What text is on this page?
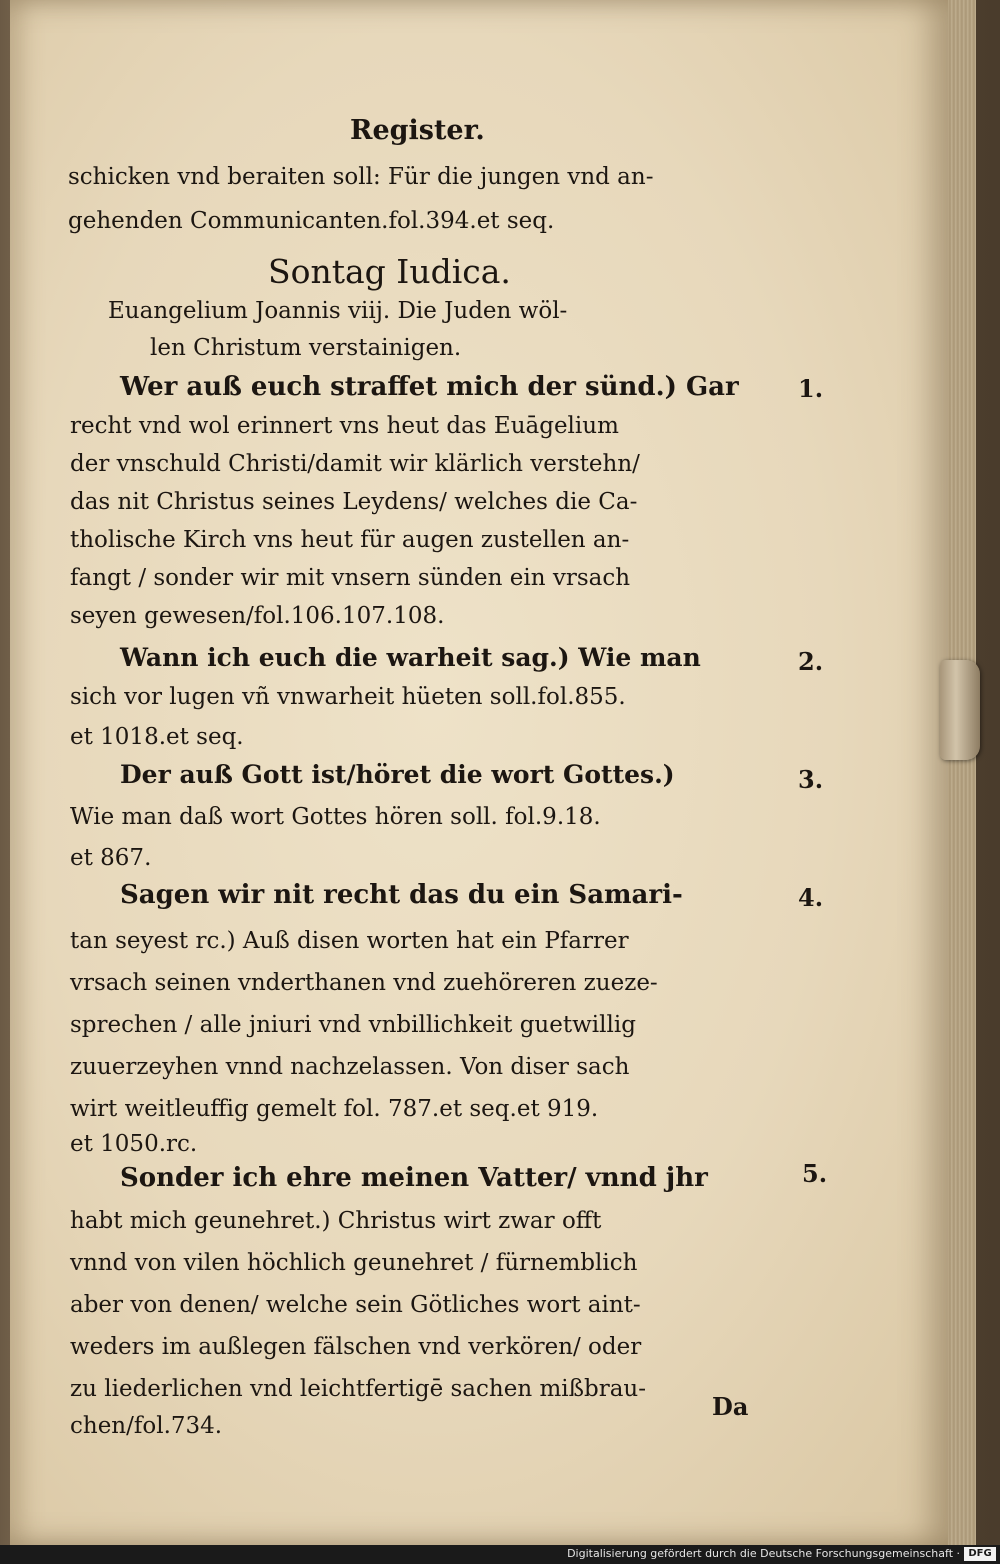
Register.
schicken vnd beraiten soll: Für die jungen vnd an-
gehenden Communicanten.fol.394.et seq.
Sontag Iudica.
Euangelium Joannis viij. Die Juden wöl-
len Christum verstainigen.
Wer auß euch straffet mich der sünd.) Gar 1.
recht vnd wol erinnert vns heut das Euāgelium
der vnschuld Christi/damit wir klärlich verstehn/
das nit Christus seines Leydens/ welches die Ca-
tholische Kirch vns heut für augen zustellen an-
fangt / sonder wir mit vnsern sünden ein vrsach
seyen gewesen/fol.106.107.108.
Wann ich euch die warheit sag.) Wie man	2.
sich vor lugen vñ vnwarheit hüeten soll.fol.855.
et 1018.et seq.
Der auß Gott ist/höret die wort Gottes.)	3.
Wie man daß wort Gottes hören soll. fol.9.18.
et 867.
Sagen wir nit recht das du ein Samari-	4.
tan seyest rc.) Auß disen worten hat ein Pfarrer
vrsach seinen vnderthanen vnd zuehöreren zueze-
sprechen / alle jniuri vnd vnbillichkeit guetwillig
zuuerzeyhen vnnd nachzelassen. Von diser sach
wirt weitleuffig gemelt fol. 787.et seq.et 919.
et 1050.rc.
Sonder ich ehre meinen Vatter/ vnnd jhr	5.
habt mich geunehret.) Christus wirt zwar offt
vnnd von vilen höchlich geunehret / fürnemblich
aber von denen/ welche sein Götliches wort aint-
weders im außlegen fälschen vnd verkören/ oder
zu liederlichen vnd leichtfertigē sachen mißbrau-
chen/fol.734.
Da
Digitalisierung gefördert durch die Deutsche Forschungsgemeinschaft · DFG
